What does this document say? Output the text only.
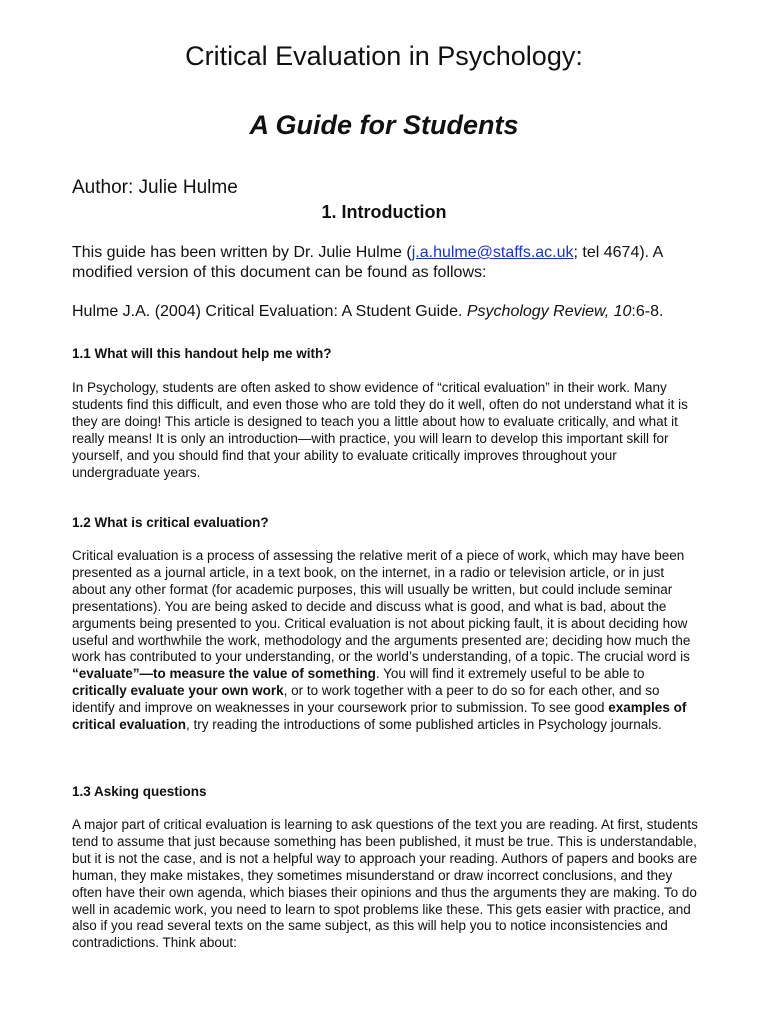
Critical Evaluation in Psychology:
A Guide for Students
Author: Julie Hulme
1. Introduction

This guide has been written by Dr. Julie Hulme (j.a.hulme@staffs.ac.uk; tel 4674). A modified version of this document can be found as follows:

Hulme J.A. (2004) Critical Evaluation: A Student Guide. Psychology Review, 10:6-8.

1.1 What will this handout help me with?

In Psychology, students are often asked to show evidence of “critical evaluation” in their work. Many students find this difficult, and even those who are told they do it well, often do not understand what it is they are doing! This article is designed to teach you a little about how to evaluate critically, and what it really means! It is only an introduction—with practice, you will learn to develop this important skill for yourself, and you should find that your ability to evaluate critically improves throughout your undergraduate years.

1.2 What is critical evaluation?

Critical evaluation is a process of assessing the relative merit of a piece of work, which may have been presented as a journal article, in a text book, on the internet, in a radio or television article, or in just about any other format (for academic purposes, this will usually be written, but could include seminar presentations). You are being asked to decide and discuss what is good, and what is bad, about the arguments being presented to you. Critical evaluation is not about picking fault, it is about deciding how useful and worthwhile the work, methodology and the arguments presented are; deciding how much the work has contributed to your understanding, or the world’s understanding, of a topic. The crucial word is “evaluate”—to measure the value of something. You will find it extremely useful to be able to critically evaluate your own work, or to work together with a peer to do so for each other, and so identify and improve on weaknesses in your coursework prior to submission. To see good examples of critical evaluation, try reading the introductions of some published articles in Psychology journals.

1.3 Asking questions

A major part of critical evaluation is learning to ask questions of the text you are reading. At first, students tend to assume that just because something has been published, it must be true. This is understandable, but it is not the case, and is not a helpful way to approach your reading. Authors of papers and books are human, they make mistakes, they sometimes misunderstand or draw incorrect conclusions, and they often have their own agenda, which biases their opinions and thus the arguments they are making. To do well in academic work, you need to learn to spot problems like these. This gets easier with practice, and also if you read several texts on the same subject, as this will help you to notice inconsistencies and contradictions. Think about:
